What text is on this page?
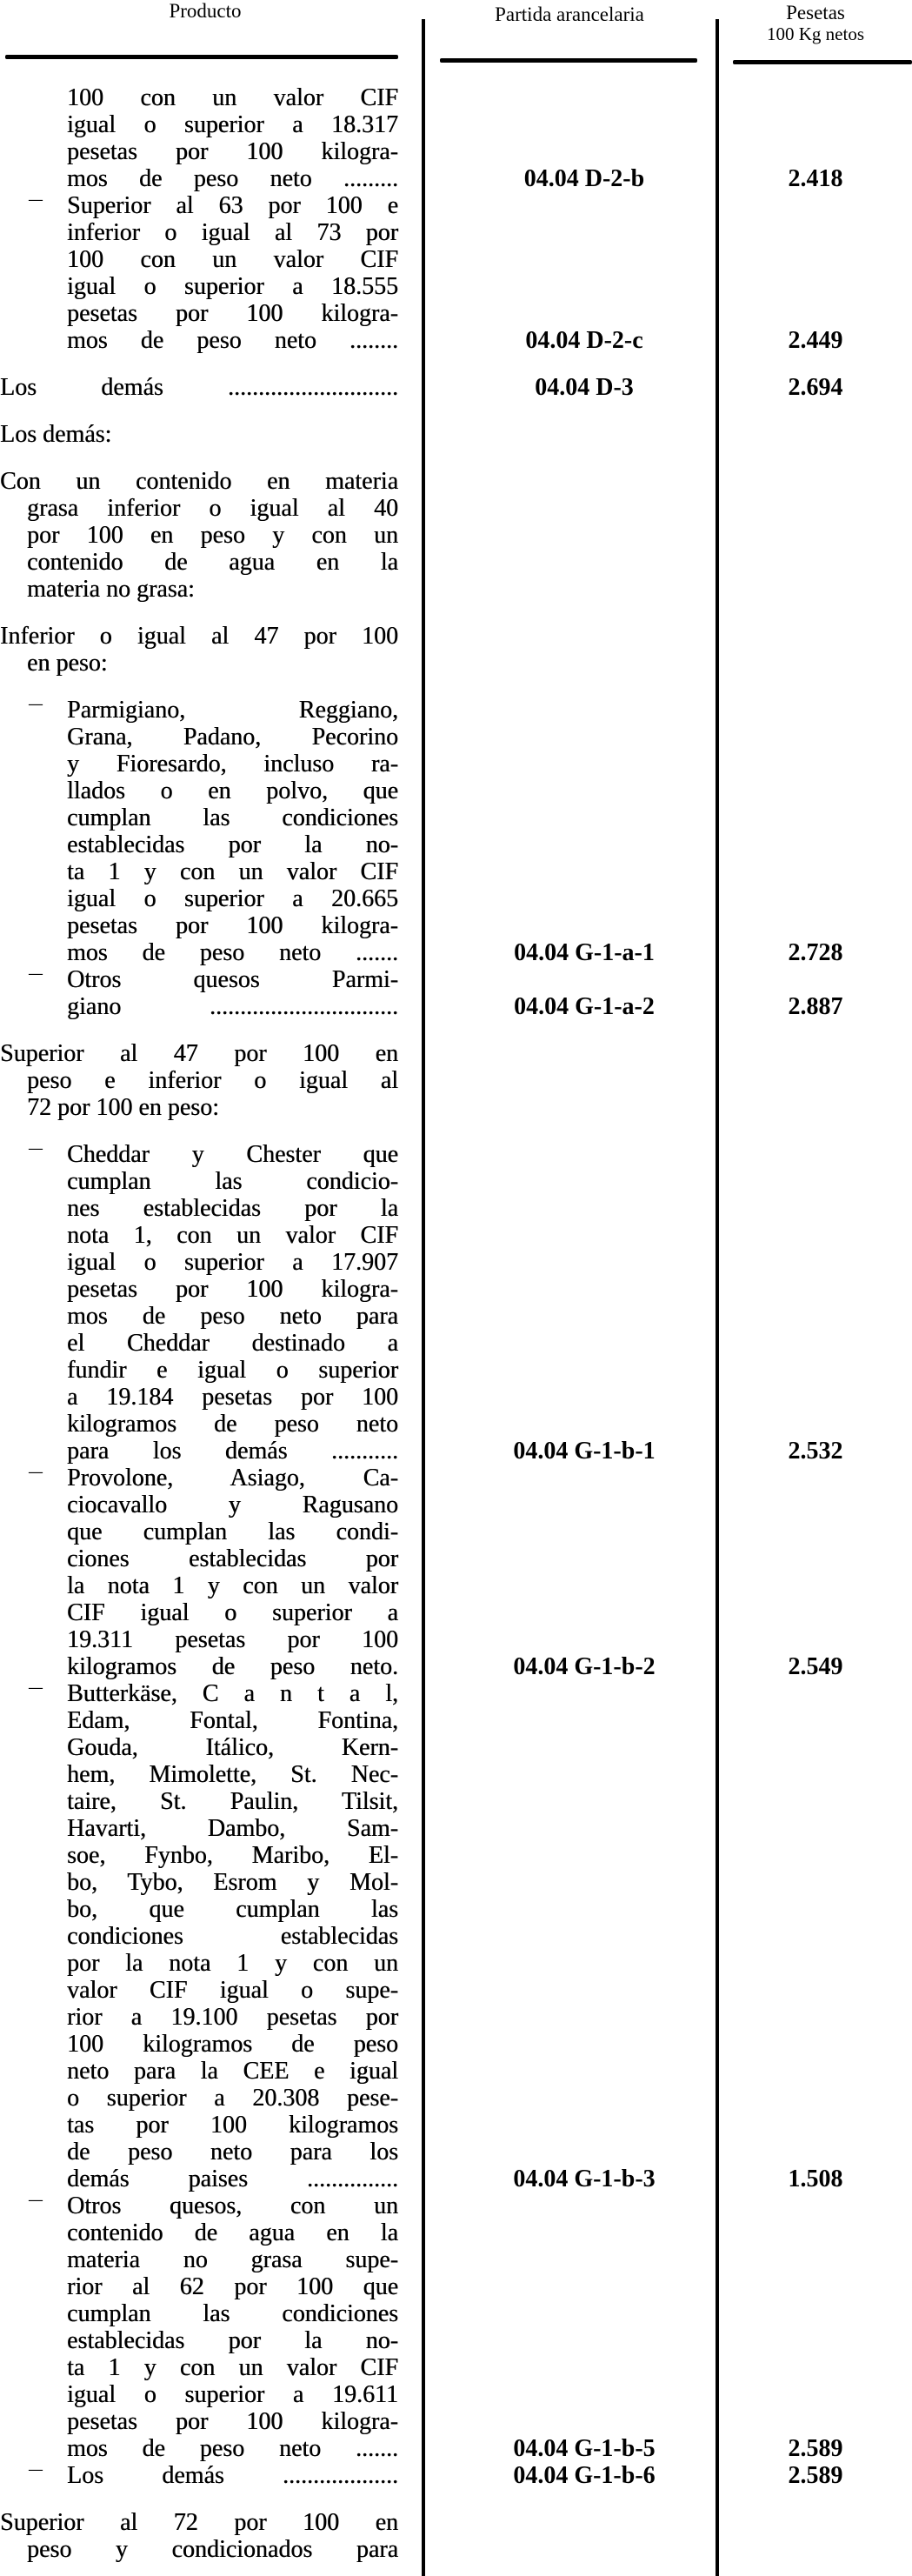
Producto	Partida arancelaria	Pesetas
100 Kg netos
100 con un valor CIF
igual o superior a 18.317
pesetas por 100 kilogra-
mos de peso neto .........	04.04 D-2-b	2.418
—	Superior al 63 por 100 e
inferior o igual al 73 por
100 con un valor CIF
igual o superior a 18.555
pesetas por 100 kilogra-
mos de peso neto ........	04.04 D-2-c	2.449
Los demás ............................	04.04 D-3	2.694
Los demás:
Con un contenido en materia
grasa inferior o igual al 40
por 100 en peso y con un
contenido de agua en la
materia no grasa:
Inferior o igual al 47 por 100
en peso:
—	Parmigiano, Reggiano,
Grana, Padano, Pecorino
y Fioresardo, incluso ra-
llados o en polvo, que
cumplan las condiciones
establecidas por la no-
ta 1 y con un valor CIF
igual o superior a 20.665
pesetas por 100 kilogra-
mos de peso neto .......	04.04 G-1-a-1	2.728
—	Otros quesos Parmi-
giano ...............................	04.04 G-1-a-2	2.887
Superior al 47 por 100 en
peso e inferior o igual al
72 por 100 en peso:
—	Cheddar y Chester que
cumplan las condicio-
nes establecidas por la
nota 1, con un valor CIF
igual o superior a 17.907
pesetas por 100 kilogra-
mos de peso neto para
el Cheddar destinado a
fundir e igual o superior
a 19.184 pesetas por 100
kilogramos de peso neto
para los demás ...........	04.04 G-1-b-1	2.532
—	Provolone, Asiago, Ca-
ciocavallo y Ragusano
que cumplan las condi-
ciones establecidas por
la nota 1 y con un valor
CIF igual o superior a
19.311 pesetas por 100
kilogramos de peso neto.	04.04 G-1-b-2	2.549
—	Butterkäse, C a n t a l,
Edam, Fontal, Fontina,
Gouda, Itálico, Kern-
hem, Mimolette, St. Nec-
taire, St. Paulin, Tilsit,
Havarti, Dambo, Sam-
soe, Fynbo, Maribo, El-
bo, Tybo, Esrom y Mol-
bo, que cumplan las
condiciones establecidas
por la nota 1 y con un
valor CIF igual o supe-
rior a 19.100 pesetas por
100 kilogramos de peso
neto para la CEE e igual
o superior a 20.308 pese-
tas por 100 kilogramos
de peso neto para los
demás paises ...............	04.04 G-1-b-3	1.508
—	Otros quesos, con un
contenido de agua en la
materia no grasa supe-
rior al 62 por 100 que
cumplan las condiciones
establecidas por la no-
ta 1 y con un valor CIF
igual o superior a 19.611
pesetas por 100 kilogra-
mos de peso neto .......	04.04 G-1-b-5	2.589
—	Los demás ...................	04.04 G-1-b-6	2.589
Superior al 72 por 100 en
peso y condicionados para
